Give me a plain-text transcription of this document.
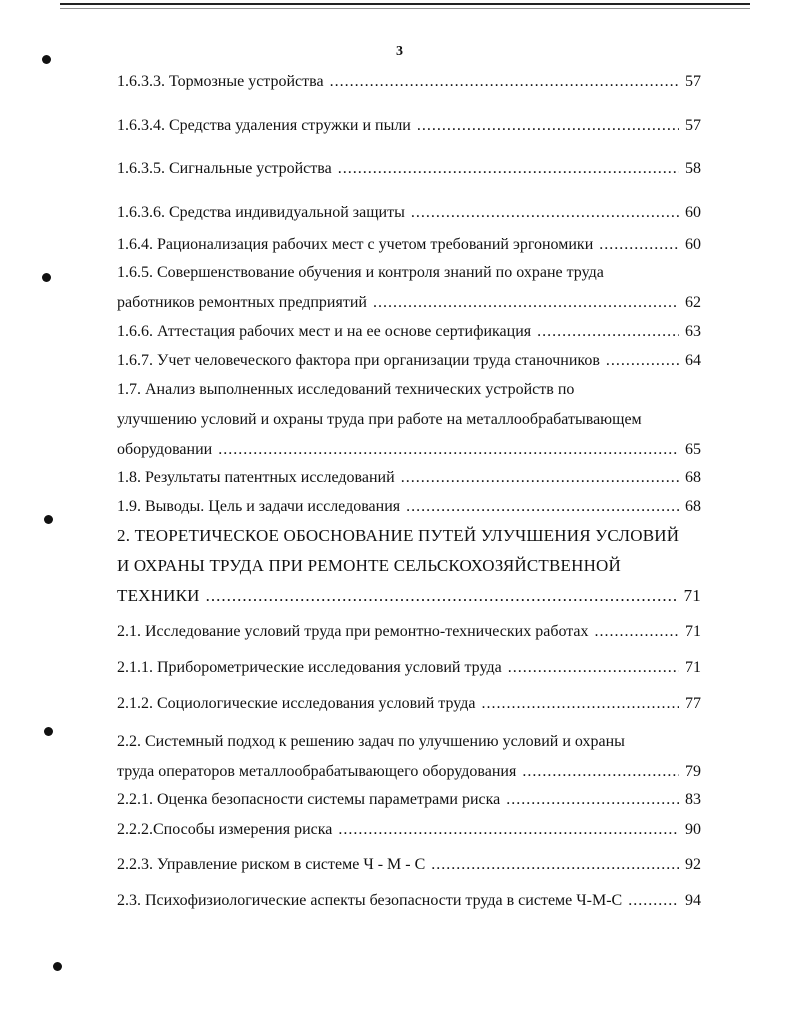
3
1.6.3.3. Тормозные устройства .....	57
1.6.3.4. Средства удаления стружки и пыли .....	57
1.6.3.5. Сигнальные устройства .....	58
1.6.3.6. Средства индивидуальной защиты .....	60
1.6.4. Рационализация рабочих мест с учетом требований эргономики .....	60
1.6.5. Совершенствование обучения и контроля знаний по охране труда
работников ремонтных предприятий .....	62
1.6.6. Аттестация рабочих мест и на ее основе сертификация .....	63
1.6.7. Учет человеческого фактора при организации труда станочников .....	64
1.7. Анализ выполненных исследований технических устройств по
улучшению условий и охраны труда при работе на металлообрабатывающем
оборудовании .....	65
1.8. Результаты патентных исследований .....	68
1.9. Выводы. Цель и задачи исследования .....	68
2. ТЕОРЕТИЧЕСКОЕ ОБОСНОВАНИЕ ПУТЕЙ УЛУЧШЕНИЯ УСЛОВИЙ
И ОХРАНЫ ТРУДА ПРИ РЕМОНТЕ СЕЛЬСКОХОЗЯЙСТВЕННОЙ
ТЕХНИКИ .....	71
2.1. Исследование условий труда при ремонтно-технических работах .....	71
2.1.1. Приборометрические исследования условий труда .....	71
2.1.2. Социологические исследования условий труда .....	77
2.2. Системный подход к решению задач по улучшению условий и охраны
труда операторов металлообрабатывающего оборудования .....	79
2.2.1. Оценка безопасности системы параметрами риска .....	83
2.2.2.Способы измерения риска .....	90
2.2.3. Управление риском в системе Ч - М - С .....	92
2.3. Психофизиологические аспекты безопасности труда в системе Ч-М-С .....	94
